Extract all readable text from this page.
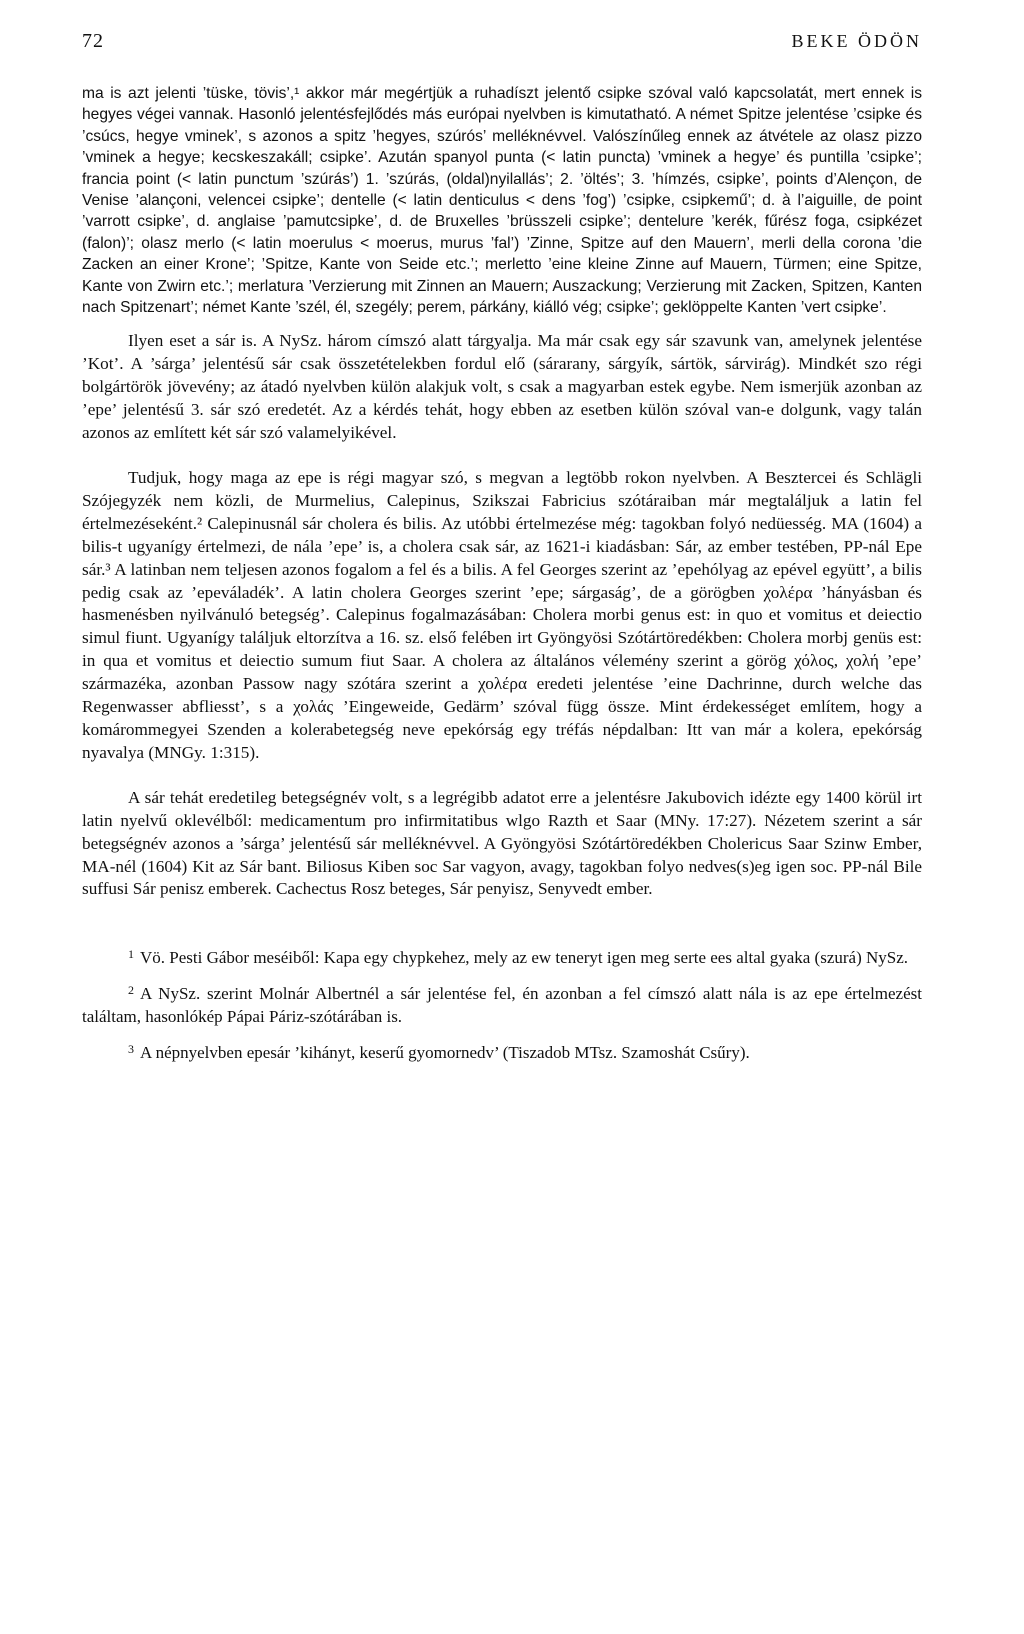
72	BEKE ÖDÖN

ma is azt jelenti ’tüske, tövis’,¹ akkor már megértjük a ruhadíszt jelentő csipke szóval való kapcsolatát, mert ennek is hegyes végei vannak. Hasonló jelentésfejlődés más európai nyelvben is kimutatható. A német Spitze jelentése ’csipke és ’csúcs, hegye vminek’, s azonos a spitz ’hegyes, szúrós’ melléknévvel. Valószínűleg ennek az átvétele az olasz pizzo ’vminek a hegye; kecskeszakáll; csipke’. Azután spanyol punta (< latin puncta) ’vminek a hegye’ és puntilla ’csipke’; francia point (< latin punctum ’szúrás’) 1. ’szúrás, (oldal)nyilallás’; 2. ’öltés’; 3. ’hímzés, csipke’, points d’Alençon, de Venise ’alançoni, velencei csipke’; dentelle (< latin denticulus < dens ’fog’) ’csipke, csipkemű’; d. à l’aiguille, de point ’varrott csipke’, d. anglaise ’pamutcsipke’, d. de Bruxelles ’brüsszeli csipke’; dentelure ’kerék, fűrész foga, csipkézet (falon)’; olasz merlo (< latin moerulus < moerus, murus ’fal’) ’Zinne, Spitze auf den Mauern’, merli della corona ’die Zacken an einer Krone’; ’Spitze, Kante von Seide etc.’; merletto ’eine kleine Zinne auf Mauern, Türmen; eine Spitze, Kante von Zwirn etc.’; merlatura ’Verzierung mit Zinnen an Mauern; Auszackung; Verzierung mit Zacken, Spitzen, Kanten nach Spitzenart’; német Kante ’szél, él, szegély; perem, párkány, kiálló vég; csipke’; geklöppelte Kanten ’vert csipke’.

Ilyen eset a sár is. A NySz. három címszó alatt tárgyalja. Ma már csak egy sár szavunk van, amelynek jelentése ’Kot’. A ’sárga’ jelentésű sár csak összetételekben fordul elő (sárarany, sárgyík, sártök, sárvirág). Mindkét szo régi bolgártörök jövevény; az átadó nyelvben külön alakjuk volt, s csak a magyarban estek egybe. Nem ismerjük azonban az ’epe’ jelentésű 3. sár szó eredetét. Az a kérdés tehát, hogy ebben az esetben külön szóval van-e dolgunk, vagy talán azonos az említett két sár szó valamelyikével.

Tudjuk, hogy maga az epe is régi magyar szó, s megvan a legtöbb rokon nyelvben. A Besztercei és Schlägli Szójegyzék nem közli, de Murmelius, Calepinus, Szikszai Fabricius szótáraiban már megtaláljuk a latin fel értelmezéseként.² Calepinusnál sár cholera és bilis. Az utóbbi értelmezése még: tagokban folyó nedüesség. MA (1604) a bilis-t ugyanígy értelmezi, de nála ’epe’ is, a cholera csak sár, az 1621-i kiadásban: Sár, az ember testében, PP-nál Epe sár.³ A latinban nem teljesen azonos fogalom a fel és a bilis. A fel Georges szerint az ’epehólyag az epével együtt’, a bilis pedig csak az ’epeváladék’. A latin cholera Georges szerint ’epe; sárgaság’, de a görögben χολέρα ’hányásban és hasmenésben nyilvánuló betegség’. Calepinus fogalmazásában: Cholera morbi genus est: in quo et vomitus et deiectio simul fiunt. Ugyanígy találjuk eltorzítva a 16. sz. első felében irt Gyöngyösi Szótártöredékben: Cholera morbj genüs est: in qua et vomitus et deiectio sumum fiut Saar. A cholera az általános vélemény szerint a görög χόλος, χολή ’epe’ származéka, azonban Passow nagy szótára szerint a χολέρα eredeti jelentése ’eine Dachrinne, durch welche das Regenwasser abfliesst’, s a χολάς ’Eingeweide, Gedärm’ szóval függ össze. Mint érdekességet említem, hogy a komárommegyei Szenden a kolerabetegség neve epekórság egy tréfás népdalban: Itt van már a kolera, epekórság nyavalya (MNGy. 1:315).

A sár tehát eredetileg betegségnév volt, s a legrégibb adatot erre a jelentésre Jakubovich idézte egy 1400 körül irt latin nyelvű oklevélből: medicamentum pro infirmitatibus wlgo Razth et Saar (MNy. 17:27). Nézetem szerint a sár betegségnév azonos a ’sárga’ jelentésű sár melléknévvel. A Gyöngyösi Szótártöredékben Cholericus Saar Szinw Ember, MA-nél (1604) Kit az Sár bant. Biliosus Kiben soc Sar vagyon, avagy, tagokban folyo nedves(s)eg igen soc. PP-nál Bile suffusi Sár penisz emberek. Cachectus Rosz beteges, Sár penyisz, Senyvedt ember.

$^1$ Vö. Pesti Gábor meséiből: Kapa egy chypkehez, mely az ew teneryt igen meg serte ees altal gyaka (szurá) NySz.

$^2$ A NySz. szerint Molnár Albertnél a sár jelentése fel, én azonban a fel címszó alatt nála is az epe értelmezést találtam, hasonlókép Pápai Páriz-szótárában is.

$^3$ A népnyelvben epesár ’kihányt, keserű gyomornedv’ (Tiszadob MTsz. Szamoshát Csűry).
